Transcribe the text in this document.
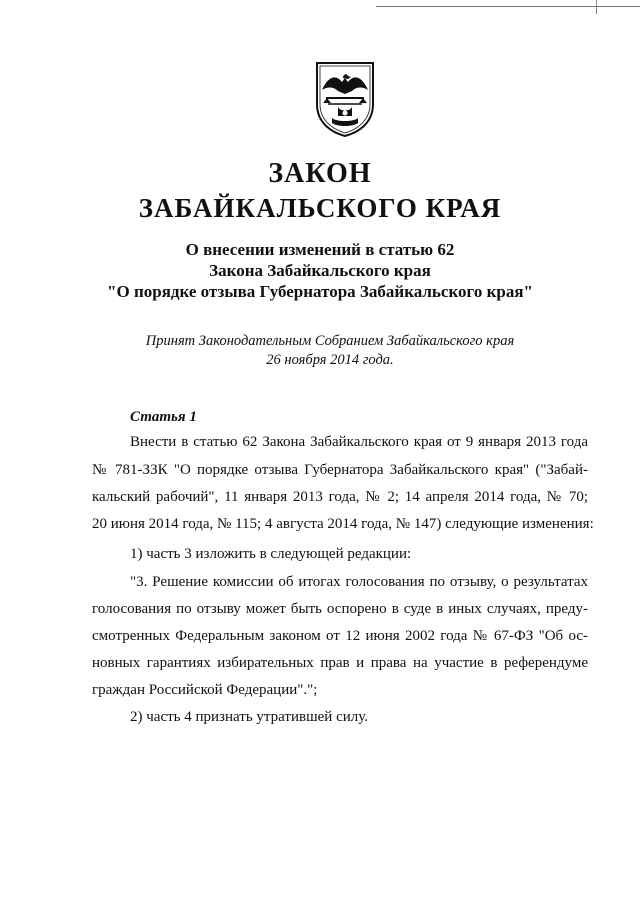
ЗАКОН
ЗАБАЙКАЛЬСКОГО КРАЯ
О внесении изменений в статью 62
Закона Забайкальского края
"О порядке отзыва Губернатора Забайкальского края"
Принят Законодательным Собранием Забайкальского края
26 ноября 2014 года.
Статья 1
Внести в статью 62 Закона Забайкальского края от 9 января 2013 года
№ 781-ЗЗК "О порядке отзыва Губернатора Забайкальского края" ("Забай-
кальский рабочий", 11 января 2013 года, № 2; 14 апреля 2014 года, № 70;
20 июня 2014 года, № 115; 4 августа 2014 года, № 147) следующие изменения:
1) часть 3 изложить в следующей редакции:
"3. Решение комиссии об итогах голосования по отзыву, о результатах
голосования по отзыву может быть оспорено в суде в иных случаях, преду-
смотренных Федеральным законом от 12 июня 2002 года № 67-ФЗ "Об ос-
новных гарантиях избирательных прав и права на участие в референдуме
граждан Российской Федерации".";
2) часть 4 признать утратившей силу.
